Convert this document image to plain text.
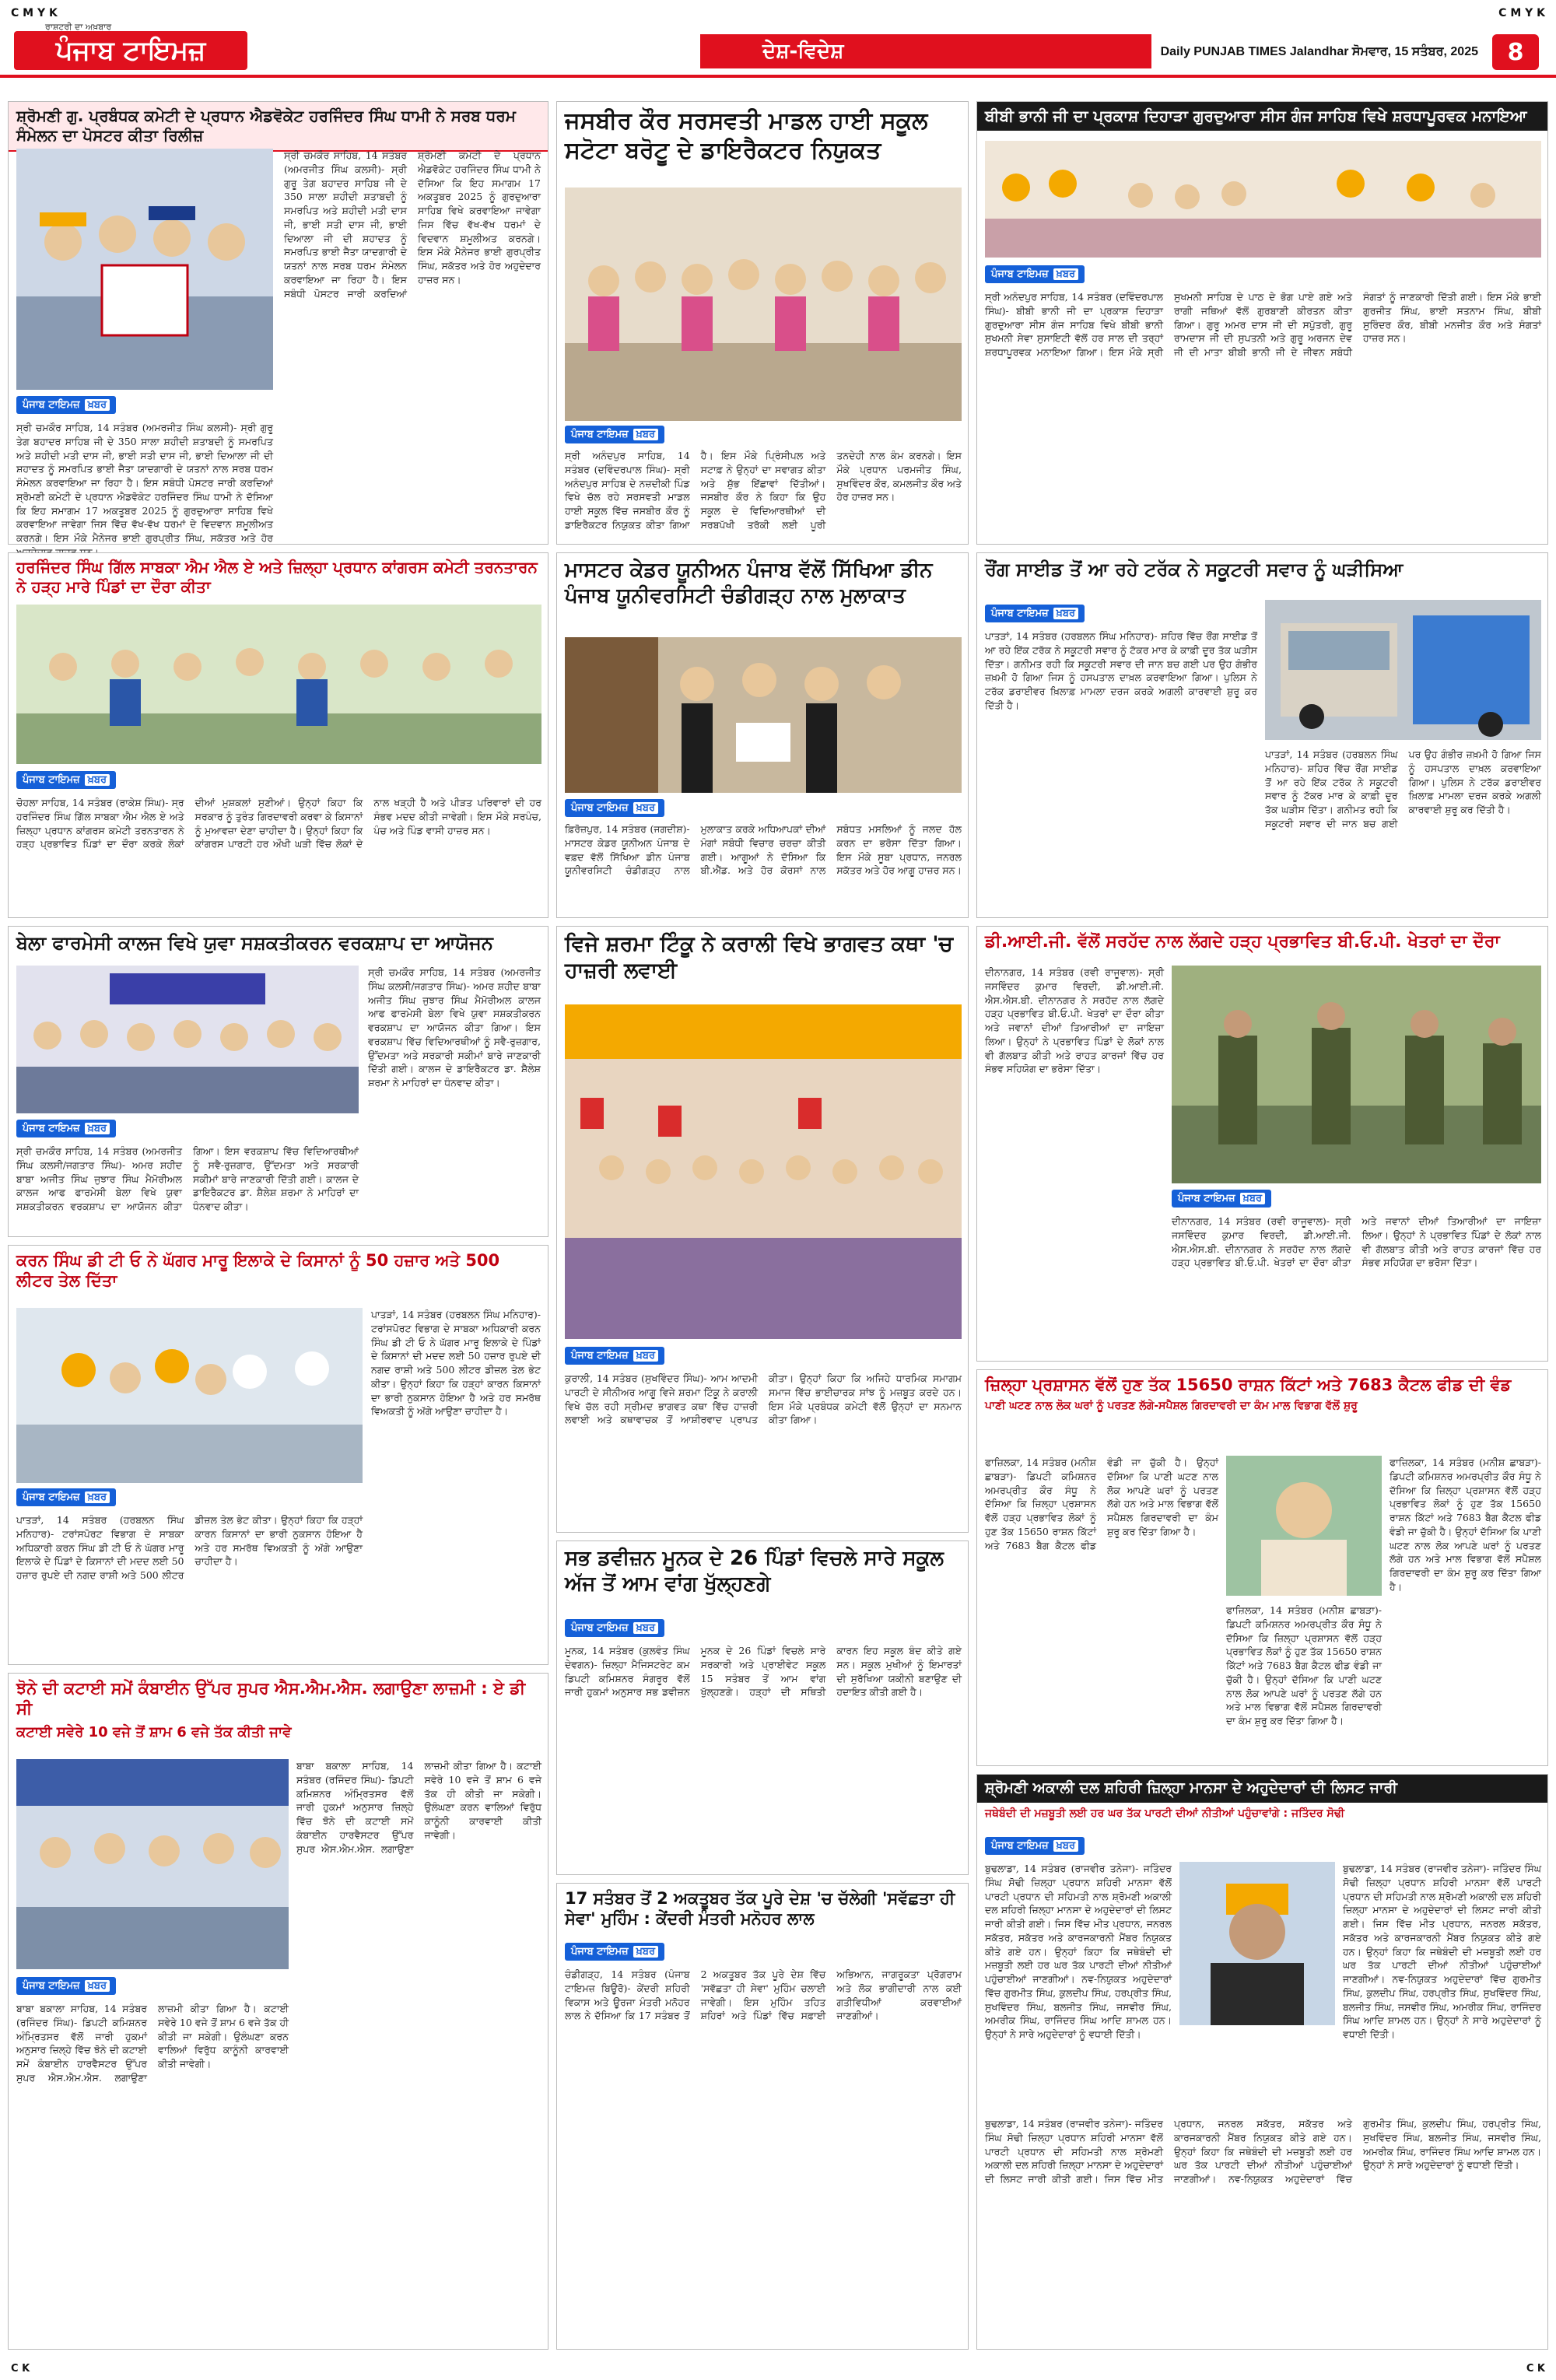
C M Y K	C M Y K
ਰਾਸ਼ਟਰੀ ਦਾ ਅਖ਼ਬਾਰ
ਪੰਜਾਬ ਟਾਇਮਜ਼	ਦੇਸ਼-ਵਿਦੇਸ਼	Daily PUNJAB TIMES Jalandhar ਸੋਮਵਾਰ, 15 ਸਤੰਬਰ, 2025	8
ਸ਼੍ਰੋਮਣੀ ਗੁ. ਪ੍ਰਬੰਧਕ ਕਮੇਟੀ ਦੇ ਪ੍ਰਧਾਨ ਐਡਵੋਕੇਟ ਹਰਜਿੰਦਰ ਸਿੰਘ ਧਾਮੀ ਨੇ ਸਰਬ ਧਰਮ ਸੰਮੇਲਨ ਦਾ ਪੋਸਟਰ ਕੀਤਾ ਰਿਲੀਜ਼
ਪੰਜਾਬ ਟਾਇਮਜ਼ ਖ਼ਬਰ
ਸ੍ਰੀ ਚਮਕੌਰ ਸਾਹਿਬ, 14 ਸਤੰਬਰ (ਅਮਰਜੀਤ ਸਿੰਘ ਕਲਸੀ)- ਸ੍ਰੀ ਗੁਰੂ ਤੇਗ ਬਹਾਦਰ ਸਾਹਿਬ ਜੀ ਦੇ 350 ਸਾਲਾ ਸ਼ਹੀਦੀ ਸ਼ਤਾਬਦੀ ਨੂੰ ਸਮਰਪਿਤ ਅਤੇ ਸ਼ਹੀਦੀ ਮਤੀ ਦਾਸ ਜੀ, ਭਾਈ ਸਤੀ ਦਾਸ ਜੀ, ਭਾਈ ਦਿਆਲਾ ਜੀ ਦੀ ਸ਼ਹਾਦਤ ਨੂੰ ਸਮਰਪਿਤ ਭਾਈ ਜੈਤਾ ਯਾਦਗਾਰੀ ਦੇ ਯਤਨਾਂ ਨਾਲ ਸਰਬ ਧਰਮ ਸੰਮੇਲਨ ਕਰਵਾਇਆ ਜਾ ਰਿਹਾ ਹੈ। ਇਸ ਸਬੰਧੀ ਪੋਸਟਰ ਜਾਰੀ ਕਰਦਿਆਂ ਸ਼੍ਰੋਮਣੀ ਕਮੇਟੀ ਦੇ ਪ੍ਰਧਾਨ ਐਡਵੋਕੇਟ ਹਰਜਿੰਦਰ ਸਿੰਘ ਧਾਮੀ ਨੇ ਦੱਸਿਆ ਕਿ ਇਹ ਸਮਾਗਮ 17 ਅਕਤੂਬਰ 2025 ਨੂੰ ਗੁਰਦੁਆਰਾ ਸਾਹਿਬ ਵਿਖੇ ਕਰਵਾਇਆ ਜਾਵੇਗਾ ਜਿਸ ਵਿੱਚ ਵੱਖ-ਵੱਖ ਧਰਮਾਂ ਦੇ ਵਿਦਵਾਨ ਸ਼ਮੂਲੀਅਤ ਕਰਨਗੇ। ਇਸ ਮੌਕੇ ਮੈਨੇਜਰ ਭਾਈ ਗੁਰਪ੍ਰੀਤ ਸਿੰਘ, ਸਕੱਤਰ ਅਤੇ ਹੋਰ
ਸ੍ਰੀ ਚਮਕੌਰ ਸਾਹਿਬ, 14 ਸਤੰਬਰ (ਅਮਰਜੀਤ ਸਿੰਘ ਕਲਸੀ)- ਸ੍ਰੀ ਗੁਰੂ ਤੇਗ ਬਹਾਦਰ ਸਾਹਿਬ ਜੀ ਦੇ 350 ਸਾਲਾ ਸ਼ਹੀਦੀ ਸ਼ਤਾਬਦੀ ਨੂੰ ਸਮਰਪਿਤ ਅਤੇ ਸ਼ਹੀਦੀ ਮਤੀ ਦਾਸ ਜੀ, ਭਾਈ ਸਤੀ ਦਾਸ ਜੀ, ਭਾਈ ਦਿਆਲਾ ਜੀ ਦੀ ਸ਼ਹਾਦਤ ਨੂੰ ਸਮਰਪਿਤ ਭਾਈ ਜੈਤਾ ਯਾਦਗਾਰੀ ਦੇ ਯਤਨਾਂ ਨਾਲ ਸਰਬ ਧਰਮ ਸੰਮੇਲਨ ਕਰਵਾਇਆ ਜਾ ਰਿਹਾ ਹੈ। ਇਸ ਸਬੰਧੀ ਪੋਸਟਰ ਜਾਰੀ ਕਰਦਿਆਂ ਸ਼੍ਰੋਮਣੀ ਕਮੇਟੀ ਦੇ ਪ੍ਰਧਾਨ ਐਡਵੋਕੇਟ ਹਰਜਿੰਦਰ ਸਿੰਘ ਧਾਮੀ ਨੇ ਦੱਸਿਆ ਕਿ ਇਹ ਸਮਾਗਮ 17 ਅਕਤੂਬਰ 2025 ਨੂੰ ਗੁਰਦੁਆਰਾ ਸਾਹਿਬ ਵਿਖੇ ਕਰਵਾਇਆ ਜਾਵੇਗਾ ਜਿਸ ਵਿੱਚ ਵੱਖ-ਵੱਖ ਧਰਮਾਂ ਦੇ ਵਿਦਵਾਨ ਸ਼ਮੂਲੀਅਤ ਕਰਨਗੇ। ਇਸ ਮੌਕੇ ਮੈਨੇਜਰ ਭਾਈ ਗੁਰਪ੍ਰੀਤ ਸਿੰਘ, ਸਕੱਤਰ ਅਤੇ ਹੋਰ ਅਹੁਦੇਦਾਰ ਹਾਜ਼ਰ ਸਨ।
ਜਸਬੀਰ ਕੌਰ ਸਰਸਵਤੀ ਮਾਡਲ ਹਾਈ ਸਕੂਲ ਸਟੋਟਾ ਬਰੋਟੂ ਦੇ ਡਾਇਰੈਕਟਰ ਨਿਯੁਕਤ
ਪੰਜਾਬ ਟਾਇਮਜ਼ ਖ਼ਬਰ
ਸ੍ਰੀ ਅਨੰਦਪੁਰ ਸਾਹਿਬ, 14 ਸਤੰਬਰ (ਦਵਿੰਦਰਪਾਲ ਸਿੰਘ)- ਸ੍ਰੀ ਅਨੰਦਪੁਰ ਸਾਹਿਬ ਦੇ ਨਜ਼ਦੀਕੀ ਪਿੰਡ ਵਿਖੇ ਚੱਲ ਰਹੇ ਸਰਸਵਤੀ ਮਾਡਲ ਹਾਈ ਸਕੂਲ ਵਿੱਚ ਜਸਬੀਰ ਕੌਰ ਨੂੰ ਡਾਇਰੈਕਟਰ ਨਿਯੁਕਤ ਕੀਤਾ ਗਿਆ ਹੈ। ਇਸ ਮੌਕੇ ਪ੍ਰਿੰਸੀਪਲ ਅਤੇ ਸਟਾਫ਼ ਨੇ ਉਨ੍ਹਾਂ ਦਾ ਸਵਾਗਤ ਕੀਤਾ ਅਤੇ ਸ਼ੁੱਭ ਇੱਛਾਵਾਂ ਦਿੱਤੀਆਂ। ਜਸਬੀਰ ਕੌਰ ਨੇ ਕਿਹਾ ਕਿ ਉਹ ਸਕੂਲ ਦੇ ਵਿਦਿਆਰਥੀਆਂ ਦੀ ਸਰਬਪੱਖੀ ਤਰੱਕੀ ਲਈ ਪੂਰੀ ਤਨਦੇਹੀ ਨਾਲ ਕੰਮ ਕਰਨਗੇ। ਇਸ ਮੌਕੇ ਪ੍ਰਧਾਨ ਪਰਮਜੀਤ ਸਿੰਘ, ਸੁਖਵਿੰਦਰ ਕੌਰ, ਕਮਲਜੀਤ ਕੌਰ ਅਤੇ ਹੋਰ ਹਾਜ਼ਰ ਸਨ।
ਬੀਬੀ ਭਾਨੀ ਜੀ ਦਾ ਪ੍ਰਕਾਸ਼ ਦਿਹਾੜਾ ਗੁਰਦੁਆਰਾ ਸੀਸ ਗੰਜ ਸਾਹਿਬ ਵਿਖੇ ਸ਼ਰਧਾਪੂਰਵਕ ਮਨਾਇਆ
ਪੰਜਾਬ ਟਾਇਮਜ਼ ਖ਼ਬਰ
ਸ੍ਰੀ ਅਨੰਦਪੁਰ ਸਾਹਿਬ, 14 ਸਤੰਬਰ (ਦਵਿੰਦਰਪਾਲ ਸਿੰਘ)- ਬੀਬੀ ਭਾਨੀ ਜੀ ਦਾ ਪ੍ਰਕਾਸ਼ ਦਿਹਾੜਾ ਗੁਰਦੁਆਰਾ ਸੀਸ ਗੰਜ ਸਾਹਿਬ ਵਿਖੇ ਬੀਬੀ ਭਾਨੀ ਸੁਖਮਨੀ ਸੇਵਾ ਸੁਸਾਇਟੀ ਵੱਲੋਂ ਹਰ ਸਾਲ ਦੀ ਤਰ੍ਹਾਂ ਸ਼ਰਧਾਪੂਰਵਕ ਮਨਾਇਆ ਗਿਆ। ਇਸ ਮੌਕੇ ਸ੍ਰੀ ਸੁਖਮਨੀ ਸਾਹਿਬ ਦੇ ਪਾਠ ਦੇ ਭੋਗ ਪਾਏ ਗਏ ਅਤੇ ਰਾਗੀ ਜਥਿਆਂ ਵੱਲੋਂ ਗੁਰਬਾਣੀ ਕੀਰਤਨ ਕੀਤਾ ਗਿਆ। ਗੁਰੂ ਅਮਰ ਦਾਸ ਜੀ ਦੀ ਸਪੁੱਤਰੀ, ਗੁਰੂ ਰਾਮਦਾਸ ਜੀ ਦੀ ਸੁਪਤਨੀ ਅਤੇ ਗੁਰੂ ਅਰਜਨ ਦੇਵ ਜੀ ਦੀ ਮਾਤਾ ਬੀਬੀ ਭਾਨੀ ਜੀ ਦੇ ਜੀਵਨ ਸਬੰਧੀ ਸੰਗਤਾਂ ਨੂੰ ਜਾਣਕਾਰੀ ਦਿੱਤੀ ਗਈ। ਇਸ ਮੌਕੇ ਭਾਈ ਗੁਰਜੀਤ ਸਿੰਘ, ਭਾਈ ਸਤਨਾਮ ਸਿੰਘ, ਬੀਬੀ ਸੁਰਿੰਦਰ ਕੌਰ, ਬੀਬੀ ਮਨਜੀਤ ਕੌਰ ਅਤੇ ਸੰਗਤਾਂ ਹਾਜ਼ਰ ਸਨ।
ਹਰਜਿੰਦਰ ਸਿੰਘ ਗਿੱਲ ਸਾਬਕਾ ਐਮ ਐਲ ਏ ਅਤੇ ਜ਼ਿਲ੍ਹਾ ਪ੍ਰਧਾਨ ਕਾਂਗਰਸ ਕਮੇਟੀ ਤਰਨਤਾਰਨ ਨੇ ਹੜ੍ਹ ਮਾਰੇ ਪਿੰਡਾਂ ਦਾ ਦੌਰਾ ਕੀਤਾ
ਪੰਜਾਬ ਟਾਇਮਜ਼ ਖ਼ਬਰ
ਚੋਹਲਾ ਸਾਹਿਬ, 14 ਸਤੰਬਰ (ਰਾਕੇਸ਼ ਸਿੰਘ)- ਸ੍ਰ ਹਰਜਿੰਦਰ ਸਿੰਘ ਗਿੱਲ ਸਾਬਕਾ ਐਮ ਐਲ ਏ ਅਤੇ ਜ਼ਿਲ੍ਹਾ ਪ੍ਰਧਾਨ ਕਾਂਗਰਸ ਕਮੇਟੀ ਤਰਨਤਾਰਨ ਨੇ ਹੜ੍ਹ ਪ੍ਰਭਾਵਿਤ ਪਿੰਡਾਂ ਦਾ ਦੌਰਾ ਕਰਕੇ ਲੋਕਾਂ ਦੀਆਂ ਮੁਸ਼ਕਲਾਂ ਸੁਣੀਆਂ। ਉਨ੍ਹਾਂ ਕਿਹਾ ਕਿ ਸਰਕਾਰ ਨੂੰ ਤੁਰੰਤ ਗਿਰਦਾਵਰੀ ਕਰਵਾ ਕੇ ਕਿਸਾਨਾਂ ਨੂੰ ਮੁਆਵਜ਼ਾ ਦੇਣਾ ਚਾਹੀਦਾ ਹੈ। ਉਨ੍ਹਾਂ ਕਿਹਾ ਕਿ ਕਾਂਗਰਸ ਪਾਰਟੀ ਹਰ ਔਖੀ ਘੜੀ ਵਿੱਚ ਲੋਕਾਂ ਦੇ ਨਾਲ ਖੜ੍ਹੀ ਹੈ ਅਤੇ ਪੀੜਤ ਪਰਿਵਾਰਾਂ ਦੀ ਹਰ ਸੰਭਵ ਮਦਦ ਕੀਤੀ ਜਾਵੇਗੀ। ਇਸ ਮੌਕੇ ਸਰਪੰਚ, ਪੰਚ ਅਤੇ ਪਿੰਡ ਵਾਸੀ ਹਾਜ਼ਰ ਸਨ।
ਮਾਸਟਰ ਕੇਡਰ ਯੂਨੀਅਨ ਪੰਜਾਬ ਵੱਲੋਂ ਸਿੱਖਿਆ ਡੀਨ ਪੰਜਾਬ ਯੂਨੀਵਰਸਿਟੀ ਚੰਡੀਗੜ੍ਹ ਨਾਲ ਮੁਲਾਕਾਤ
ਪੰਜਾਬ ਟਾਇਮਜ਼ ਖ਼ਬਰ
ਫ਼ਿਰੋਜ਼ਪੁਰ, 14 ਸਤੰਬਰ (ਜਗਦੀਸ਼)- ਮਾਸਟਰ ਕੇਡਰ ਯੂਨੀਅਨ ਪੰਜਾਬ ਦੇ ਵਫ਼ਦ ਵੱਲੋਂ ਸਿੱਖਿਆ ਡੀਨ ਪੰਜਾਬ ਯੂਨੀਵਰਸਿਟੀ ਚੰਡੀਗੜ੍ਹ ਨਾਲ ਮੁਲਾਕਾਤ ਕਰਕੇ ਅਧਿਆਪਕਾਂ ਦੀਆਂ ਮੰਗਾਂ ਸਬੰਧੀ ਵਿਚਾਰ ਚਰਚਾ ਕੀਤੀ ਗਈ। ਆਗੂਆਂ ਨੇ ਦੱਸਿਆ ਕਿ ਬੀ.ਐੱਡ. ਅਤੇ ਹੋਰ ਕੋਰਸਾਂ ਨਾਲ ਸਬੰਧਤ ਮਸਲਿਆਂ ਨੂੰ ਜਲਦ ਹੱਲ ਕਰਨ ਦਾ ਭਰੋਸਾ ਦਿੱਤਾ ਗਿਆ। ਇਸ ਮੌਕੇ ਸੂਬਾ ਪ੍ਰਧਾਨ, ਜਨਰਲ ਸਕੱਤਰ ਅਤੇ ਹੋਰ ਆਗੂ ਹਾਜ਼ਰ ਸਨ।
ਰੌਂਗ ਸਾਈਡ ਤੋਂ ਆ ਰਹੇ ਟਰੱਕ ਨੇ ਸਕੂਟਰੀ ਸਵਾਰ ਨੂੰ ਘੜੀਸਿਆ
ਪੰਜਾਬ ਟਾਇਮਜ਼ ਖ਼ਬਰ
ਪਾਤੜਾਂ, 14 ਸਤੰਬਰ (ਹਰਬਲਨ ਸਿੰਘ ਮਨਿਹਾਰ)- ਸ਼ਹਿਰ ਵਿੱਚ ਰੌਂਗ ਸਾਈਡ ਤੋਂ ਆ ਰਹੇ ਇੱਕ ਟਰੱਕ ਨੇ ਸਕੂਟਰੀ ਸਵਾਰ ਨੂੰ ਟੱਕਰ ਮਾਰ ਕੇ ਕਾਫ਼ੀ ਦੂਰ ਤੱਕ ਘੜੀਸ ਦਿੱਤਾ। ਗਨੀਮਤ ਰਹੀ ਕਿ ਸਕੂਟਰੀ ਸਵਾਰ ਦੀ ਜਾਨ ਬਚ ਗਈ ਪਰ ਉਹ ਗੰਭੀਰ ਜ਼ਖ਼ਮੀ ਹੋ ਗਿਆ ਜਿਸ ਨੂੰ ਹਸਪਤਾਲ ਦਾਖ਼ਲ ਕਰਵਾਇਆ ਗਿਆ। ਪੁਲਿਸ ਨੇ ਟਰੱਕ ਡਰਾਈਵਰ ਖ਼ਿਲਾਫ਼ ਮਾਮਲਾ ਦਰਜ ਕਰਕੇ ਅਗਲੀ ਕਾਰਵਾਈ ਸ਼ੁਰੂ ਕਰ ਦਿੱਤੀ ਹੈ।
ਪਾਤੜਾਂ, 14 ਸਤੰਬਰ (ਹਰਬਲਨ ਸਿੰਘ ਮਨਿਹਾਰ)- ਸ਼ਹਿਰ ਵਿੱਚ ਰੌਂਗ ਸਾਈਡ ਤੋਂ ਆ ਰਹੇ ਇੱਕ ਟਰੱਕ ਨੇ ਸਕੂਟਰੀ ਸਵਾਰ ਨੂੰ ਟੱਕਰ ਮਾਰ ਕੇ ਕਾਫ਼ੀ ਦੂਰ ਤੱਕ ਘੜੀਸ ਦਿੱਤਾ। ਗਨੀਮਤ ਰਹੀ ਕਿ ਸਕੂਟਰੀ ਸਵਾਰ ਦੀ ਜਾਨ ਬਚ ਗਈ ਪਰ ਉਹ ਗੰਭੀਰ ਜ਼ਖ਼ਮੀ ਹੋ ਗਿਆ ਜਿਸ ਨੂੰ ਹਸਪਤਾਲ ਦਾਖ਼ਲ ਕਰਵਾਇਆ ਗਿਆ। ਪੁਲਿਸ ਨੇ ਟਰੱਕ ਡਰਾਈਵਰ ਖ਼ਿਲਾਫ਼ ਮਾਮਲਾ ਦਰਜ ਕਰਕੇ ਅਗਲੀ ਕਾਰਵਾਈ ਸ਼ੁਰੂ ਕਰ ਦਿੱਤੀ ਹੈ।
ਬੇਲਾ ਫਾਰਮੇਸੀ ਕਾਲਜ ਵਿਖੇ ਯੁਵਾ ਸਸ਼ਕਤੀਕਰਨ ਵਰਕਸ਼ਾਪ ਦਾ ਆਯੋਜਨ
ਪੰਜਾਬ ਟਾਇਮਜ਼ ਖ਼ਬਰ
ਸ੍ਰੀ ਚਮਕੌਰ ਸਾਹਿਬ, 14 ਸਤੰਬਰ (ਅਮਰਜੀਤ ਸਿੰਘ ਕਲਸੀ/ਜਗਤਾਰ ਸਿੰਘ)- ਅਮਰ ਸ਼ਹੀਦ ਬਾਬਾ ਅਜੀਤ ਸਿੰਘ ਜੁਝਾਰ ਸਿੰਘ ਮੈਮੋਰੀਅਲ ਕਾਲਜ ਆਫ ਫਾਰਮੇਸੀ ਬੇਲਾ ਵਿਖੇ ਯੁਵਾ ਸਸ਼ਕਤੀਕਰਨ ਵਰਕਸ਼ਾਪ ਦਾ ਆਯੋਜਨ ਕੀਤਾ ਗਿਆ। ਇਸ ਵਰਕਸ਼ਾਪ ਵਿੱਚ ਵਿਦਿਆਰਥੀਆਂ ਨੂੰ ਸਵੈ-ਰੁਜ਼ਗਾਰ, ਉੱਦਮਤਾ ਅਤੇ ਸਰਕਾਰੀ ਸਕੀਮਾਂ ਬਾਰੇ ਜਾਣਕਾਰੀ ਦਿੱਤੀ ਗਈ। ਕਾਲਜ ਦੇ ਡਾਇਰੈਕਟਰ ਡਾ. ਸ਼ੈਲੇਸ਼ ਸ਼ਰਮਾ ਨੇ ਮਾਹਿਰਾਂ ਦਾ ਧੰਨਵਾਦ ਕੀਤਾ।
ਸ੍ਰੀ ਚਮਕੌਰ ਸਾਹਿਬ, 14 ਸਤੰਬਰ (ਅਮਰਜੀਤ ਸਿੰਘ ਕਲਸੀ/ਜਗਤਾਰ ਸਿੰਘ)- ਅਮਰ ਸ਼ਹੀਦ ਬਾਬਾ ਅਜੀਤ ਸਿੰਘ ਜੁਝਾਰ ਸਿੰਘ ਮੈਮੋਰੀਅਲ ਕਾਲਜ ਆਫ ਫਾਰਮੇਸੀ ਬੇਲਾ ਵਿਖੇ ਯੁਵਾ ਸਸ਼ਕਤੀਕਰਨ ਵਰਕਸ਼ਾਪ ਦਾ ਆਯੋਜਨ ਕੀਤਾ ਗਿਆ। ਇਸ ਵਰਕਸ਼ਾਪ ਵਿੱਚ ਵਿਦਿਆਰਥੀਆਂ ਨੂੰ ਸਵੈ-ਰੁਜ਼ਗਾਰ, ਉੱਦਮਤਾ ਅਤੇ ਸਰਕਾਰੀ ਸਕੀਮਾਂ ਬਾਰੇ ਜਾਣਕਾਰੀ ਦਿੱਤੀ ਗਈ। ਕਾਲਜ ਦੇ ਡਾਇਰੈਕਟਰ ਡਾ. ਸ਼ੈਲੇਸ਼ ਸ਼ਰਮਾ ਨੇ ਮਾਹਿਰਾਂ ਦਾ ਧੰਨਵਾਦ ਕੀਤਾ।
ਵਿਜੇ ਸ਼ਰਮਾ ਟਿੰਕੂ ਨੇ ਕਰਾਲੀ ਵਿਖੇ ਭਾਗਵਤ ਕਥਾ 'ਚ ਹਾਜ਼ਰੀ ਲਵਾਈ
ਪੰਜਾਬ ਟਾਇਮਜ਼ ਖ਼ਬਰ
ਕੁਰਾਲੀ, 14 ਸਤੰਬਰ (ਸੁਖਵਿੰਦਰ ਸਿੰਘ)- ਆਮ ਆਦਮੀ ਪਾਰਟੀ ਦੇ ਸੀਨੀਅਰ ਆਗੂ ਵਿਜੇ ਸ਼ਰਮਾ ਟਿੰਕੂ ਨੇ ਕਰਾਲੀ ਵਿਖੇ ਚੱਲ ਰਹੀ ਸ੍ਰੀਮਦ ਭਾਗਵਤ ਕਥਾ ਵਿੱਚ ਹਾਜ਼ਰੀ ਲਵਾਈ ਅਤੇ ਕਥਾਵਾਚਕ ਤੋਂ ਆਸ਼ੀਰਵਾਦ ਪ੍ਰਾਪਤ ਕੀਤਾ। ਉਨ੍ਹਾਂ ਕਿਹਾ ਕਿ ਅਜਿਹੇ ਧਾਰਮਿਕ ਸਮਾਗਮ ਸਮਾਜ ਵਿੱਚ ਭਾਈਚਾਰਕ ਸਾਂਝ ਨੂੰ ਮਜ਼ਬੂਤ ਕਰਦੇ ਹਨ। ਇਸ ਮੌਕੇ ਪ੍ਰਬੰਧਕ ਕਮੇਟੀ ਵੱਲੋਂ ਉਨ੍ਹਾਂ ਦਾ ਸਨਮਾਨ ਕੀਤਾ ਗਿਆ।
ਡੀ.ਆਈ.ਜੀ. ਵੱਲੋਂ ਸਰਹੱਦ ਨਾਲ ਲੱਗਦੇ ਹੜ੍ਹ ਪ੍ਰਭਾਵਿਤ ਬੀ.ਓ.ਪੀ. ਖੇਤਰਾਂ ਦਾ ਦੌਰਾ
ਦੀਨਾਨਗਰ, 14 ਸਤੰਬਰ (ਰਵੀ ਰਾਜੂਵਾਲ)- ਸ੍ਰੀ ਜਸਵਿੰਦਰ ਕੁਮਾਰ ਵਿਰਦੀ, ਡੀ.ਆਈ.ਜੀ. ਐਸ.ਐਸ.ਬੀ. ਦੀਨਾਨਗਰ ਨੇ ਸਰਹੱਦ ਨਾਲ ਲੱਗਦੇ ਹੜ੍ਹ ਪ੍ਰਭਾਵਿਤ ਬੀ.ਓ.ਪੀ. ਖੇਤਰਾਂ ਦਾ ਦੌਰਾ ਕੀਤਾ ਅਤੇ ਜਵਾਨਾਂ ਦੀਆਂ ਤਿਆਰੀਆਂ ਦਾ ਜਾਇਜ਼ਾ ਲਿਆ। ਉਨ੍ਹਾਂ ਨੇ ਪ੍ਰਭਾਵਿਤ ਪਿੰਡਾਂ ਦੇ ਲੋਕਾਂ ਨਾਲ ਵੀ ਗੱਲਬਾਤ ਕੀਤੀ ਅਤੇ ਰਾਹਤ ਕਾਰਜਾਂ ਵਿੱਚ ਹਰ ਸੰਭਵ ਸਹਿਯੋਗ ਦਾ ਭਰੋਸਾ ਦਿੱਤਾ।
ਪੰਜਾਬ ਟਾਇਮਜ਼ ਖ਼ਬਰ
ਦੀਨਾਨਗਰ, 14 ਸਤੰਬਰ (ਰਵੀ ਰਾਜੂਵਾਲ)- ਸ੍ਰੀ ਜਸਵਿੰਦਰ ਕੁਮਾਰ ਵਿਰਦੀ, ਡੀ.ਆਈ.ਜੀ. ਐਸ.ਐਸ.ਬੀ. ਦੀਨਾਨਗਰ ਨੇ ਸਰਹੱਦ ਨਾਲ ਲੱਗਦੇ ਹੜ੍ਹ ਪ੍ਰਭਾਵਿਤ ਬੀ.ਓ.ਪੀ. ਖੇਤਰਾਂ ਦਾ ਦੌਰਾ ਕੀਤਾ ਅਤੇ ਜਵਾਨਾਂ ਦੀਆਂ ਤਿਆਰੀਆਂ ਦਾ ਜਾਇਜ਼ਾ ਲਿਆ। ਉਨ੍ਹਾਂ ਨੇ ਪ੍ਰਭਾਵਿਤ ਪਿੰਡਾਂ ਦੇ ਲੋਕਾਂ ਨਾਲ ਵੀ ਗੱਲਬਾਤ ਕੀਤੀ ਅਤੇ ਰਾਹਤ ਕਾਰਜਾਂ ਵਿੱਚ ਹਰ ਸੰਭਵ ਸਹਿਯੋਗ ਦਾ ਭਰੋਸਾ ਦਿੱਤਾ।
ਕਰਨ ਸਿੰਘ ਡੀ ਟੀ ਓ ਨੇ ਘੱਗਰ ਮਾਰੂ ਇਲਾਕੇ ਦੇ ਕਿਸਾਨਾਂ ਨੂੰ 50 ਹਜ਼ਾਰ ਅਤੇ 500 ਲੀਟਰ ਤੇਲ ਦਿੱਤਾ
ਪੰਜਾਬ ਟਾਇਮਜ਼ ਖ਼ਬਰ
ਪਾਤੜਾਂ, 14 ਸਤੰਬਰ (ਹਰਬਲਨ ਸਿੰਘ ਮਨਿਹਾਰ)- ਟਰਾਂਸਪੋਰਟ ਵਿਭਾਗ ਦੇ ਸਾਬਕਾ ਅਧਿਕਾਰੀ ਕਰਨ ਸਿੰਘ ਡੀ ਟੀ ਓ ਨੇ ਘੱਗਰ ਮਾਰੂ ਇਲਾਕੇ ਦੇ ਪਿੰਡਾਂ ਦੇ ਕਿਸਾਨਾਂ ਦੀ ਮਦਦ ਲਈ 50 ਹਜ਼ਾਰ ਰੁਪਏ ਦੀ ਨਗਦ ਰਾਸ਼ੀ ਅਤੇ 500 ਲੀਟਰ ਡੀਜ਼ਲ ਤੇਲ ਭੇਟ ਕੀਤਾ। ਉਨ੍ਹਾਂ ਕਿਹਾ ਕਿ ਹੜ੍ਹਾਂ ਕਾਰਨ ਕਿਸਾਨਾਂ ਦਾ ਭਾਰੀ ਨੁਕਸਾਨ ਹੋਇਆ ਹੈ ਅਤੇ ਹਰ ਸਮਰੱਥ ਵਿਅਕਤੀ ਨੂੰ ਅੱਗੇ ਆਉਣਾ ਚਾਹੀਦਾ ਹੈ।
ਪਾਤੜਾਂ, 14 ਸਤੰਬਰ (ਹਰਬਲਨ ਸਿੰਘ ਮਨਿਹਾਰ)- ਟਰਾਂਸਪੋਰਟ ਵਿਭਾਗ ਦੇ ਸਾਬਕਾ ਅਧਿਕਾਰੀ ਕਰਨ ਸਿੰਘ ਡੀ ਟੀ ਓ ਨੇ ਘੱਗਰ ਮਾਰੂ ਇਲਾਕੇ ਦੇ ਪਿੰਡਾਂ ਦੇ ਕਿਸਾਨਾਂ ਦੀ ਮਦਦ ਲਈ 50 ਹਜ਼ਾਰ ਰੁਪਏ ਦੀ ਨਗਦ ਰਾਸ਼ੀ ਅਤੇ 500 ਲੀਟਰ ਡੀਜ਼ਲ ਤੇਲ ਭੇਟ ਕੀਤਾ। ਉਨ੍ਹਾਂ ਕਿਹਾ ਕਿ ਹੜ੍ਹਾਂ ਕਾਰਨ ਕਿਸਾਨਾਂ ਦਾ ਭਾਰੀ ਨੁਕਸਾਨ ਹੋਇਆ ਹੈ ਅਤੇ ਹਰ ਸਮਰੱਥ ਵਿਅਕਤੀ ਨੂੰ ਅੱਗੇ ਆਉਣਾ ਚਾਹੀਦਾ ਹੈ।
ਸਭ ਡਵੀਜ਼ਨ ਮੂਨਕ ਦੇ 26 ਪਿੰਡਾਂ ਵਿਚਲੇ ਸਾਰੇ ਸਕੂਲ ਅੱਜ ਤੋਂ ਆਮ ਵਾਂਗ ਖੁੱਲ੍ਹਣਗੇ
ਪੰਜਾਬ ਟਾਇਮਜ਼ ਖ਼ਬਰ
ਮੂਨਕ, 14 ਸਤੰਬਰ (ਕੁਲਵੰਤ ਸਿੰਘ ਦੇਵਗਨ)- ਜ਼ਿਲ੍ਹਾ ਮੈਜਿਸਟਰੇਟ ਕਮ ਡਿਪਟੀ ਕਮਿਸ਼ਨਰ ਸੰਗਰੂਰ ਵੱਲੋਂ ਜਾਰੀ ਹੁਕਮਾਂ ਅਨੁਸਾਰ ਸਭ ਡਵੀਜ਼ਨ ਮੂਨਕ ਦੇ 26 ਪਿੰਡਾਂ ਵਿਚਲੇ ਸਾਰੇ ਸਰਕਾਰੀ ਅਤੇ ਪ੍ਰਾਈਵੇਟ ਸਕੂਲ 15 ਸਤੰਬਰ ਤੋਂ ਆਮ ਵਾਂਗ ਖੁੱਲ੍ਹਣਗੇ। ਹੜ੍ਹਾਂ ਦੀ ਸਥਿਤੀ ਕਾਰਨ ਇਹ ਸਕੂਲ ਬੰਦ ਕੀਤੇ ਗਏ ਸਨ। ਸਕੂਲ ਮੁਖੀਆਂ ਨੂੰ ਇਮਾਰਤਾਂ ਦੀ ਸੁਰੱਖਿਆ ਯਕੀਨੀ ਬਣਾਉਣ ਦੀ ਹਦਾਇਤ ਕੀਤੀ ਗਈ ਹੈ।
ਜ਼ਿਲ੍ਹਾ ਪ੍ਰਸ਼ਾਸਨ ਵੱਲੋਂ ਹੁਣ ਤੱਕ 15650 ਰਾਸ਼ਨ ਕਿੱਟਾਂ ਅਤੇ 7683 ਕੈਟਲ ਫੀਡ ਦੀ ਵੰਡ
ਪਾਣੀ ਘਟਣ ਨਾਲ ਲੋਕ ਘਰਾਂ ਨੂੰ ਪਰਤਣ ਲੱਗੇ-ਸਪੈਸ਼ਲ ਗਿਰਦਾਵਰੀ ਦਾ ਕੰਮ ਮਾਲ ਵਿਭਾਗ ਵੱਲੋਂ ਸ਼ੁਰੂ
ਫਾਜ਼ਿਲਕਾ, 14 ਸਤੰਬਰ (ਮਨੀਸ਼ ਛਾਬੜਾ)- ਡਿਪਟੀ ਕਮਿਸ਼ਨਰ ਅਮਰਪ੍ਰੀਤ ਕੌਰ ਸੰਧੂ ਨੇ ਦੱਸਿਆ ਕਿ ਜ਼ਿਲ੍ਹਾ ਪ੍ਰਸ਼ਾਸਨ ਵੱਲੋਂ ਹੜ੍ਹ ਪ੍ਰਭਾਵਿਤ ਲੋਕਾਂ ਨੂੰ ਹੁਣ ਤੱਕ 15650 ਰਾਸ਼ਨ ਕਿੱਟਾਂ ਅਤੇ 7683 ਬੈਗ ਕੈਟਲ ਫੀਡ ਵੰਡੀ ਜਾ ਚੁੱਕੀ ਹੈ। ਉਨ੍ਹਾਂ ਦੱਸਿਆ ਕਿ ਪਾਣੀ ਘਟਣ ਨਾਲ ਲੋਕ ਆਪਣੇ ਘਰਾਂ ਨੂੰ ਪਰਤਣ ਲੱਗੇ ਹਨ ਅਤੇ ਮਾਲ ਵਿਭਾਗ ਵੱਲੋਂ ਸਪੈਸ਼ਲ ਗਿਰਦਾਵਰੀ ਦਾ ਕੰਮ ਸ਼ੁਰੂ ਕਰ ਦਿੱਤਾ ਗਿਆ ਹੈ।
ਫਾਜ਼ਿਲਕਾ, 14 ਸਤੰਬਰ (ਮਨੀਸ਼ ਛਾਬੜਾ)- ਡਿਪਟੀ ਕਮਿਸ਼ਨਰ ਅਮਰਪ੍ਰੀਤ ਕੌਰ ਸੰਧੂ ਨੇ ਦੱਸਿਆ ਕਿ ਜ਼ਿਲ੍ਹਾ ਪ੍ਰਸ਼ਾਸਨ ਵੱਲੋਂ ਹੜ੍ਹ ਪ੍ਰਭਾਵਿਤ ਲੋਕਾਂ ਨੂੰ ਹੁਣ ਤੱਕ 15650 ਰਾਸ਼ਨ ਕਿੱਟਾਂ ਅਤੇ 7683 ਬੈਗ ਕੈਟਲ ਫੀਡ ਵੰਡੀ ਜਾ ਚੁੱਕੀ ਹੈ। ਉਨ੍ਹਾਂ ਦੱਸਿਆ ਕਿ ਪਾਣੀ ਘਟਣ ਨਾਲ ਲੋਕ ਆਪਣੇ ਘਰਾਂ ਨੂੰ ਪਰਤਣ ਲੱਗੇ ਹਨ ਅਤੇ ਮਾਲ ਵਿਭਾਗ ਵੱਲੋਂ ਸਪੈਸ਼ਲ ਗਿਰਦਾਵਰੀ ਦਾ ਕੰਮ ਸ਼ੁਰੂ ਕਰ ਦਿੱਤਾ ਗਿਆ ਹੈ।
ਫਾਜ਼ਿਲਕਾ, 14 ਸਤੰਬਰ (ਮਨੀਸ਼ ਛਾਬੜਾ)- ਡਿਪਟੀ ਕਮਿਸ਼ਨਰ ਅਮਰਪ੍ਰੀਤ ਕੌਰ ਸੰਧੂ ਨੇ ਦੱਸਿਆ ਕਿ ਜ਼ਿਲ੍ਹਾ ਪ੍ਰਸ਼ਾਸਨ ਵੱਲੋਂ ਹੜ੍ਹ ਪ੍ਰਭਾਵਿਤ ਲੋਕਾਂ ਨੂੰ ਹੁਣ ਤੱਕ 15650 ਰਾਸ਼ਨ ਕਿੱਟਾਂ ਅਤੇ 7683 ਬੈਗ ਕੈਟਲ ਫੀਡ ਵੰਡੀ ਜਾ ਚੁੱਕੀ ਹੈ। ਉਨ੍ਹਾਂ ਦੱਸਿਆ ਕਿ ਪਾਣੀ ਘਟਣ ਨਾਲ ਲੋਕ ਆਪਣੇ ਘਰਾਂ ਨੂੰ ਪਰਤਣ ਲੱਗੇ ਹਨ ਅਤੇ ਮਾਲ ਵਿਭਾਗ ਵੱਲੋਂ ਸਪੈਸ਼ਲ ਗਿਰਦਾਵਰੀ ਦਾ ਕੰਮ ਸ਼ੁਰੂ ਕਰ ਦਿੱਤਾ ਗਿਆ ਹੈ।
ਝੋਨੇ ਦੀ ਕਟਾਈ ਸਮੇਂ ਕੰਬਾਈਨ ਉੱਪਰ ਸੁਪਰ ਐਸ.ਐਮ.ਐਸ. ਲਗਾਉਣਾ ਲਾਜ਼ਮੀ : ਏ ਡੀ ਸੀ
ਕਟਾਈ ਸਵੇਰੇ 10 ਵਜੇ ਤੋਂ ਸ਼ਾਮ 6 ਵਜੇ ਤੱਕ ਕੀਤੀ ਜਾਵੇ
ਪੰਜਾਬ ਟਾਇਮਜ਼ ਖ਼ਬਰ
ਬਾਬਾ ਬਕਾਲਾ ਸਾਹਿਬ, 14 ਸਤੰਬਰ (ਰਜਿੰਦਰ ਸਿੰਘ)- ਡਿਪਟੀ ਕਮਿਸ਼ਨਰ ਅੰਮ੍ਰਿਤਸਰ ਵੱਲੋਂ ਜਾਰੀ ਹੁਕਮਾਂ ਅਨੁਸਾਰ ਜ਼ਿਲ੍ਹੇ ਵਿੱਚ ਝੋਨੇ ਦੀ ਕਟਾਈ ਸਮੇਂ ਕੰਬਾਈਨ ਹਾਰਵੈਸਟਰ ਉੱਪਰ ਸੁਪਰ ਐਸ.ਐਮ.ਐਸ. ਲਗਾਉਣਾ ਲਾਜ਼ਮੀ ਕੀਤਾ ਗਿਆ ਹੈ। ਕਟਾਈ ਸਵੇਰੇ 10 ਵਜੇ ਤੋਂ ਸ਼ਾਮ 6 ਵਜੇ ਤੱਕ ਹੀ ਕੀਤੀ ਜਾ ਸਕੇਗੀ। ਉਲੰਘਣਾ ਕਰਨ ਵਾਲਿਆਂ ਵਿਰੁੱਧ ਕਾਨੂੰਨੀ ਕਾਰਵਾਈ ਕੀਤੀ ਜਾਵੇਗੀ।
ਬਾਬਾ ਬਕਾਲਾ ਸਾਹਿਬ, 14 ਸਤੰਬਰ (ਰਜਿੰਦਰ ਸਿੰਘ)- ਡਿਪਟੀ ਕਮਿਸ਼ਨਰ ਅੰਮ੍ਰਿਤਸਰ ਵੱਲੋਂ ਜਾਰੀ ਹੁਕਮਾਂ ਅਨੁਸਾਰ ਜ਼ਿਲ੍ਹੇ ਵਿੱਚ ਝੋਨੇ ਦੀ ਕਟਾਈ ਸਮੇਂ ਕੰਬਾਈਨ ਹਾਰਵੈਸਟਰ ਉੱਪਰ ਸੁਪਰ ਐਸ.ਐਮ.ਐਸ. ਲਗਾਉਣਾ ਲਾਜ਼ਮੀ ਕੀਤਾ ਗਿਆ ਹੈ। ਕਟਾਈ ਸਵੇਰੇ 10 ਵਜੇ ਤੋਂ ਸ਼ਾਮ 6 ਵਜੇ ਤੱਕ ਹੀ ਕੀਤੀ ਜਾ ਸਕੇਗੀ। ਉਲੰਘਣਾ ਕਰਨ ਵਾਲਿਆਂ ਵਿਰੁੱਧ ਕਾਨੂੰਨੀ ਕਾਰਵਾਈ ਕੀਤੀ ਜਾਵੇਗੀ।
17 ਸਤੰਬਰ ਤੋਂ 2 ਅਕਤੂਬਰ ਤੱਕ ਪੂਰੇ ਦੇਸ਼ 'ਚ ਚੱਲੇਗੀ 'ਸਵੱਛਤਾ ਹੀ ਸੇਵਾ' ਮੁਹਿੰਮ : ਕੇਂਦਰੀ ਮੰਤਰੀ ਮਨੋਹਰ ਲਾਲ
ਪੰਜਾਬ ਟਾਇਮਜ਼ ਖ਼ਬਰ
ਚੰਡੀਗੜ੍ਹ, 14 ਸਤੰਬਰ (ਪੰਜਾਬ ਟਾਇਮਜ਼ ਬਿਊਰੋ)- ਕੇਂਦਰੀ ਸ਼ਹਿਰੀ ਵਿਕਾਸ ਅਤੇ ਊਰਜਾ ਮੰਤਰੀ ਮਨੋਹਰ ਲਾਲ ਨੇ ਦੱਸਿਆ ਕਿ 17 ਸਤੰਬਰ ਤੋਂ 2 ਅਕਤੂਬਰ ਤੱਕ ਪੂਰੇ ਦੇਸ਼ ਵਿੱਚ 'ਸਵੱਛਤਾ ਹੀ ਸੇਵਾ' ਮੁਹਿੰਮ ਚਲਾਈ ਜਾਵੇਗੀ। ਇਸ ਮੁਹਿੰਮ ਤਹਿਤ ਸ਼ਹਿਰਾਂ ਅਤੇ ਪਿੰਡਾਂ ਵਿੱਚ ਸਫ਼ਾਈ ਅਭਿਆਨ, ਜਾਗਰੂਕਤਾ ਪ੍ਰੋਗਰਾਮ ਅਤੇ ਲੋਕ ਭਾਗੀਦਾਰੀ ਨਾਲ ਕਈ ਗਤੀਵਿਧੀਆਂ ਕਰਵਾਈਆਂ ਜਾਣਗੀਆਂ।
ਸ਼੍ਰੋਮਣੀ ਅਕਾਲੀ ਦਲ ਸ਼ਹਿਰੀ ਜ਼ਿਲ੍ਹਾ ਮਾਨਸਾ ਦੇ ਅਹੁਦੇਦਾਰਾਂ ਦੀ ਲਿਸਟ ਜਾਰੀ
ਜਥੇਬੰਦੀ ਦੀ ਮਜ਼ਬੂਤੀ ਲਈ ਹਰ ਘਰ ਤੱਕ ਪਾਰਟੀ ਦੀਆਂ ਨੀਤੀਆਂ ਪਹੁੰਚਾਵਾਂਗੇ : ਜਤਿੰਦਰ ਸੋਢੀ
ਪੰਜਾਬ ਟਾਇਮਜ਼ ਖ਼ਬਰ
ਬੁਢਲਾਡਾ, 14 ਸਤੰਬਰ (ਰਾਜਵੀਰ ਤਨੇਜਾ)- ਜਤਿੰਦਰ ਸਿੰਘ ਸੋਢੀ ਜ਼ਿਲ੍ਹਾ ਪ੍ਰਧਾਨ ਸ਼ਹਿਰੀ ਮਾਨਸਾ ਵੱਲੋਂ ਪਾਰਟੀ ਪ੍ਰਧਾਨ ਦੀ ਸਹਿਮਤੀ ਨਾਲ ਸ਼੍ਰੋਮਣੀ ਅਕਾਲੀ ਦਲ ਸ਼ਹਿਰੀ ਜ਼ਿਲ੍ਹਾ ਮਾਨਸਾ ਦੇ ਅਹੁਦੇਦਾਰਾਂ ਦੀ ਲਿਸਟ ਜਾਰੀ ਕੀਤੀ ਗਈ। ਜਿਸ ਵਿੱਚ ਮੀਤ ਪ੍ਰਧਾਨ, ਜਨਰਲ ਸਕੱਤਰ, ਸਕੱਤਰ ਅਤੇ ਕਾਰਜਕਾਰਨੀ ਮੈਂਬਰ ਨਿਯੁਕਤ ਕੀਤੇ ਗਏ ਹਨ। ਉਨ੍ਹਾਂ ਕਿਹਾ ਕਿ ਜਥੇਬੰਦੀ ਦੀ ਮਜ਼ਬੂਤੀ ਲਈ ਹਰ ਘਰ ਤੱਕ ਪਾਰਟੀ ਦੀਆਂ ਨੀਤੀਆਂ ਪਹੁੰਚਾਈਆਂ ਜਾਣਗੀਆਂ। ਨਵ-ਨਿਯੁਕਤ ਅਹੁਦੇਦਾਰਾਂ ਵਿੱਚ ਗੁਰਮੀਤ ਸਿੰਘ, ਕੁਲਦੀਪ ਸਿੰਘ, ਹਰਪ੍ਰੀਤ ਸਿੰਘ, ਸੁਖਵਿੰਦਰ ਸਿੰਘ, ਬਲਜੀਤ ਸਿੰਘ, ਜਸਵੀਰ ਸਿੰਘ, ਅਮਰੀਕ ਸਿੰਘ, ਰਾਜਿੰਦਰ ਸਿੰਘ ਆਦਿ ਸ਼ਾਮਲ ਹਨ। ਉਨ੍ਹਾਂ ਨੇ ਸਾਰੇ ਅਹੁਦੇਦਾਰਾਂ ਨੂੰ ਵਧਾਈ ਦਿੱਤੀ।
ਬੁਢਲਾਡਾ, 14 ਸਤੰਬਰ (ਰਾਜਵੀਰ ਤਨੇਜਾ)- ਜਤਿੰਦਰ ਸਿੰਘ ਸੋਢੀ ਜ਼ਿਲ੍ਹਾ ਪ੍ਰਧਾਨ ਸ਼ਹਿਰੀ ਮਾਨਸਾ ਵੱਲੋਂ ਪਾਰਟੀ ਪ੍ਰਧਾਨ ਦੀ ਸਹਿਮਤੀ ਨਾਲ ਸ਼੍ਰੋਮਣੀ ਅਕਾਲੀ ਦਲ ਸ਼ਹਿਰੀ ਜ਼ਿਲ੍ਹਾ ਮਾਨਸਾ ਦੇ ਅਹੁਦੇਦਾਰਾਂ ਦੀ ਲਿਸਟ ਜਾਰੀ ਕੀਤੀ ਗਈ। ਜਿਸ ਵਿੱਚ ਮੀਤ ਪ੍ਰਧਾਨ, ਜਨਰਲ ਸਕੱਤਰ, ਸਕੱਤਰ ਅਤੇ ਕਾਰਜਕਾਰਨੀ ਮੈਂਬਰ ਨਿਯੁਕਤ ਕੀਤੇ ਗਏ ਹਨ। ਉਨ੍ਹਾਂ ਕਿਹਾ ਕਿ ਜਥੇਬੰਦੀ ਦੀ ਮਜ਼ਬੂਤੀ ਲਈ ਹਰ ਘਰ ਤੱਕ ਪਾਰਟੀ ਦੀਆਂ ਨੀਤੀਆਂ ਪਹੁੰਚਾਈਆਂ ਜਾਣਗੀਆਂ। ਨਵ-ਨਿਯੁਕਤ ਅਹੁਦੇਦਾਰਾਂ ਵਿੱਚ ਗੁਰਮੀਤ ਸਿੰਘ, ਕੁਲਦੀਪ ਸਿੰਘ, ਹਰਪ੍ਰੀਤ ਸਿੰਘ, ਸੁਖਵਿੰਦਰ ਸਿੰਘ, ਬਲਜੀਤ ਸਿੰਘ, ਜਸਵੀਰ ਸਿੰਘ, ਅਮਰੀਕ ਸਿੰਘ, ਰਾਜਿੰਦਰ ਸਿੰਘ ਆਦਿ ਸ਼ਾਮਲ ਹਨ। ਉਨ੍ਹਾਂ ਨੇ ਸਾਰੇ ਅਹੁਦੇਦਾਰਾਂ ਨੂੰ ਵਧਾਈ ਦਿੱਤੀ।
ਬੁਢਲਾਡਾ, 14 ਸਤੰਬਰ (ਰਾਜਵੀਰ ਤਨੇਜਾ)- ਜਤਿੰਦਰ ਸਿੰਘ ਸੋਢੀ ਜ਼ਿਲ੍ਹਾ ਪ੍ਰਧਾਨ ਸ਼ਹਿਰੀ ਮਾਨਸਾ ਵੱਲੋਂ ਪਾਰਟੀ ਪ੍ਰਧਾਨ ਦੀ ਸਹਿਮਤੀ ਨਾਲ ਸ਼੍ਰੋਮਣੀ ਅਕਾਲੀ ਦਲ ਸ਼ਹਿਰੀ ਜ਼ਿਲ੍ਹਾ ਮਾਨਸਾ ਦੇ ਅਹੁਦੇਦਾਰਾਂ ਦੀ ਲਿਸਟ ਜਾਰੀ ਕੀਤੀ ਗਈ। ਜਿਸ ਵਿੱਚ ਮੀਤ ਪ੍ਰਧਾਨ, ਜਨਰਲ ਸਕੱਤਰ, ਸਕੱਤਰ ਅਤੇ ਕਾਰਜਕਾਰਨੀ ਮੈਂਬਰ ਨਿਯੁਕਤ ਕੀਤੇ ਗਏ ਹਨ। ਉਨ੍ਹਾਂ ਕਿਹਾ ਕਿ ਜਥੇਬੰਦੀ ਦੀ ਮਜ਼ਬੂਤੀ ਲਈ ਹਰ ਘਰ ਤੱਕ ਪਾਰਟੀ ਦੀਆਂ ਨੀਤੀਆਂ ਪਹੁੰਚਾਈਆਂ ਜਾਣਗੀਆਂ। ਨਵ-ਨਿਯੁਕਤ ਅਹੁਦੇਦਾਰਾਂ ਵਿੱਚ ਗੁਰਮੀਤ ਸਿੰਘ, ਕੁਲਦੀਪ ਸਿੰਘ, ਹਰਪ੍ਰੀਤ ਸਿੰਘ, ਸੁਖਵਿੰਦਰ ਸਿੰਘ, ਬਲਜੀਤ ਸਿੰਘ, ਜਸਵੀਰ ਸਿੰਘ, ਅਮਰੀਕ ਸਿੰਘ, ਰਾਜਿੰਦਰ ਸਿੰਘ ਆਦਿ ਸ਼ਾਮਲ ਹਨ। ਉਨ੍ਹਾਂ ਨੇ ਸਾਰੇ ਅਹੁਦੇਦਾਰਾਂ ਨੂੰ ਵਧਾਈ ਦਿੱਤੀ।
C K	C K
